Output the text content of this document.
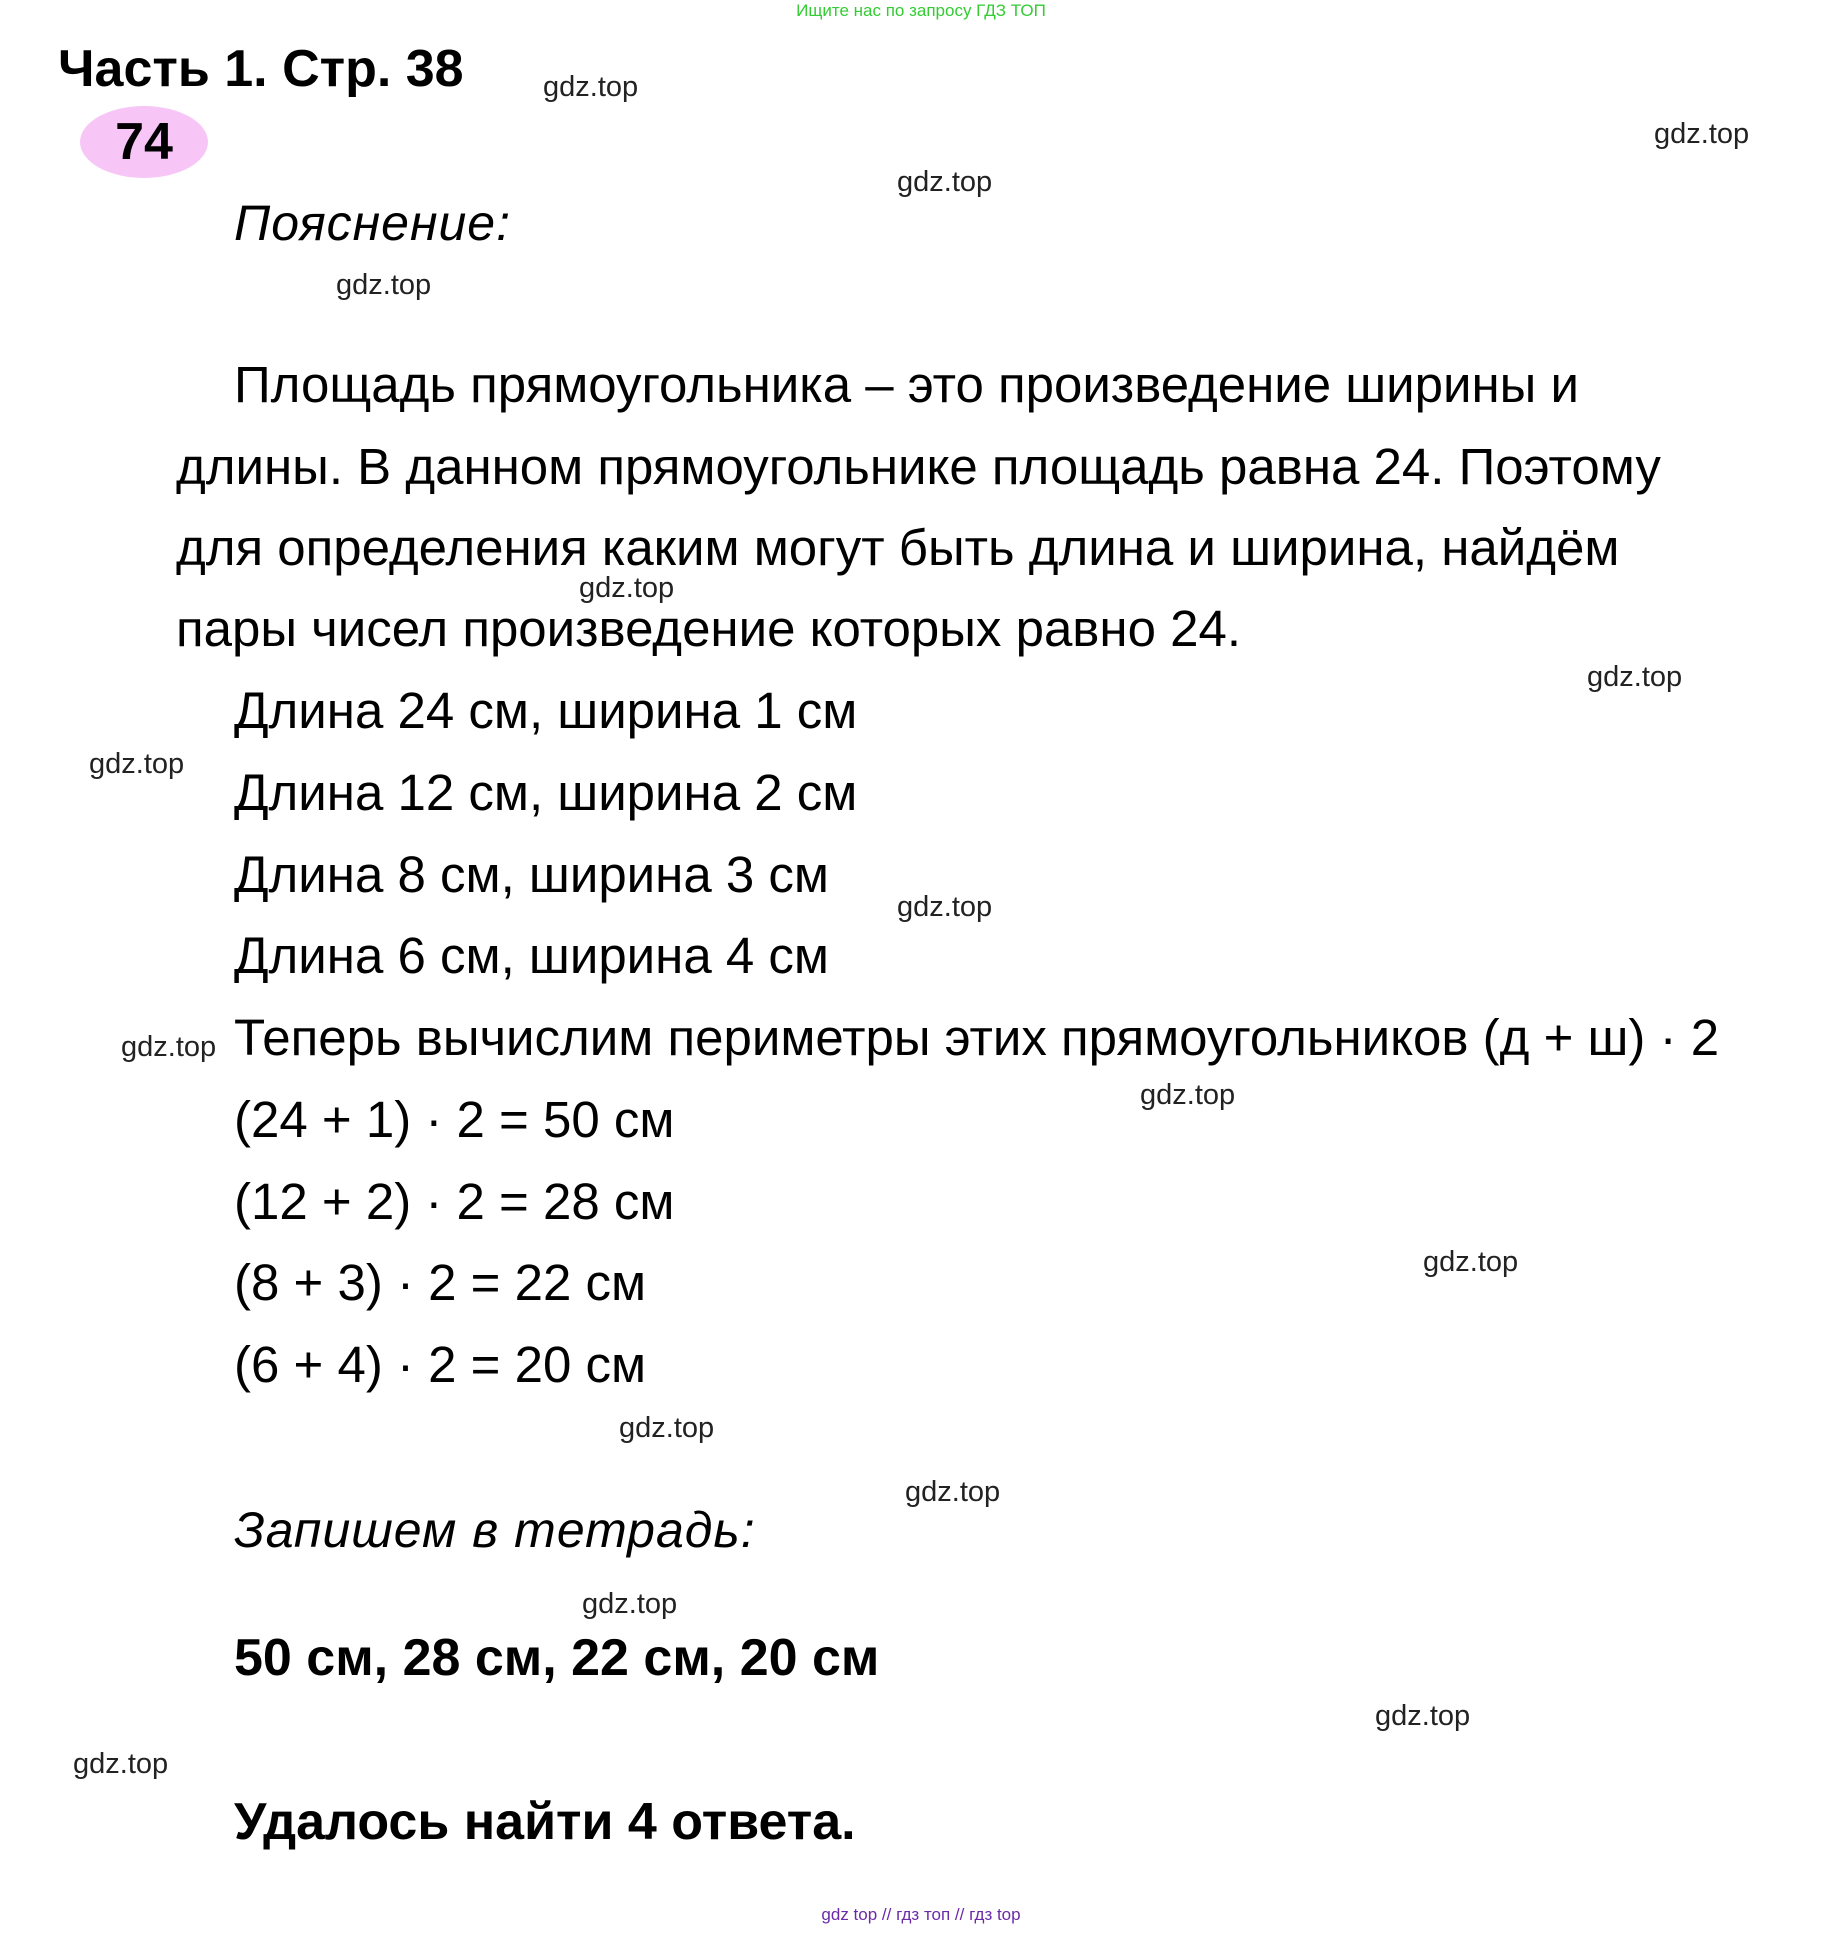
Ищите нас по запросу ГДЗ ТОП
Часть 1. Стр. 38
74
Пояснение:
Площадь прямоугольника – это произведение ширины и
длины. В данном прямоугольнике площадь равна 24. Поэтому
для определения каким могут быть длина и ширина, найдём
пары чисел произведение которых равно 24.
Длина 24 см, ширина 1 см
Длина 12 см, ширина 2 см
Длина 8 см, ширина 3 см
Длина 6 см, ширина 4 см
Теперь вычислим периметры этих прямоугольников (д + ш) · 2
(24 + 1) · 2 = 50 см
(12 + 2) · 2 = 28 см
(8 + 3) · 2 = 22 см
(6 + 4) · 2 = 20 см
Запишем в тетрадь:
50 см, 28 см, 22 см, 20 см
Удалось найти 4 ответа.
gdz.top
gdz.top
gdz.top
gdz.top
gdz.top
gdz.top
gdz.top
gdz.top
gdz.top
gdz.top
gdz.top
gdz.top
gdz.top
gdz.top
gdz.top
gdz.top
gdz top // гдз топ // гдз top
